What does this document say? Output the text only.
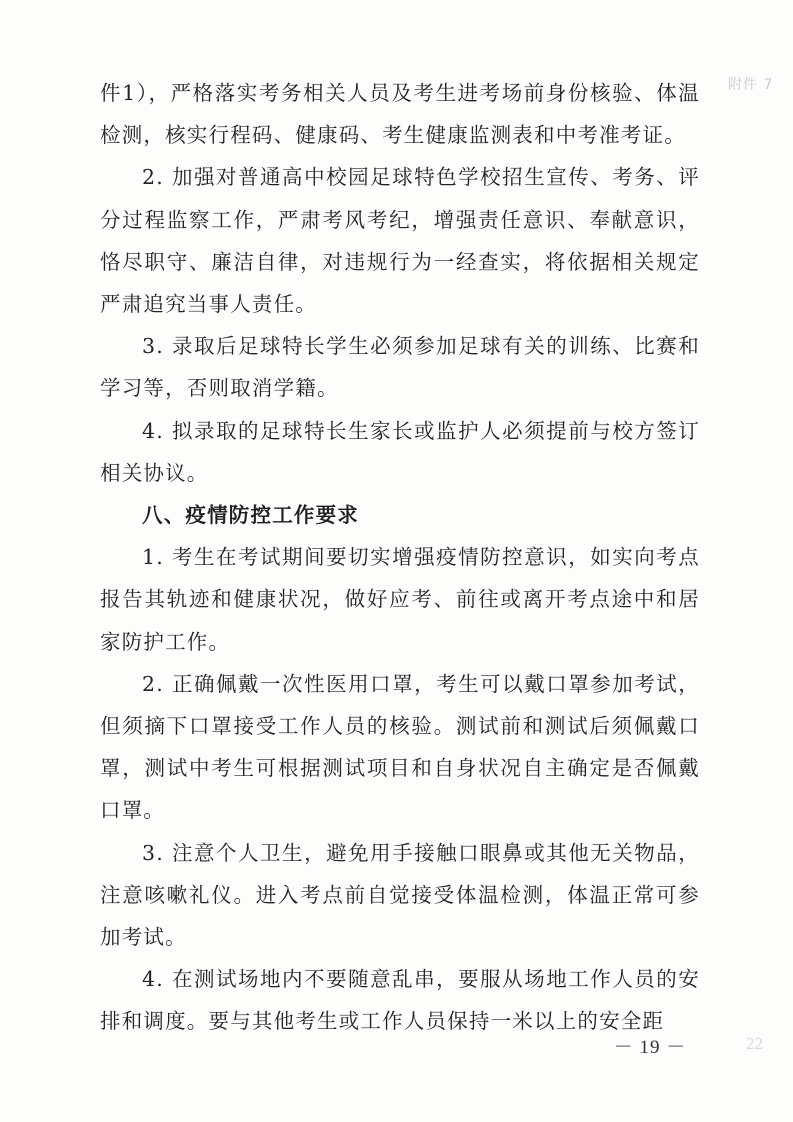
附件 7

件1），严格落实考务相关人员及考生进考场前身份核验、体温检测，核实行程码、健康码、考生健康监测表和中考准考证。

2. 加强对普通高中校园足球特色学校招生宣传、考务、评分过程监察工作，严肃考风考纪，增强责任意识、奉献意识，恪尽职守、廉洁自律，对违规行为一经查实，将依据相关规定严肃追究当事人责任。

3. 录取后足球特长学生必须参加足球有关的训练、比赛和学习等，否则取消学籍。

4. 拟录取的足球特长生家长或监护人必须提前与校方签订相关协议。

八、疫情防控工作要求

1. 考生在考试期间要切实增强疫情防控意识，如实向考点报告其轨迹和健康状况，做好应考、前往或离开考点途中和居家防护工作。

2. 正确佩戴一次性医用口罩，考生可以戴口罩参加考试，但须摘下口罩接受工作人员的核验。测试前和测试后须佩戴口罩，测试中考生可根据测试项目和自身状况自主确定是否佩戴口罩。

3. 注意个人卫生，避免用手接触口眼鼻或其他无关物品，注意咳嗽礼仪。进入考点前自觉接受体温检测，体温正常可参加考试。

4. 在测试场地内不要随意乱串，要服从场地工作人员的安排和调度。要与其他考生或工作人员保持一米以上的安全距

－ 19 －	22
